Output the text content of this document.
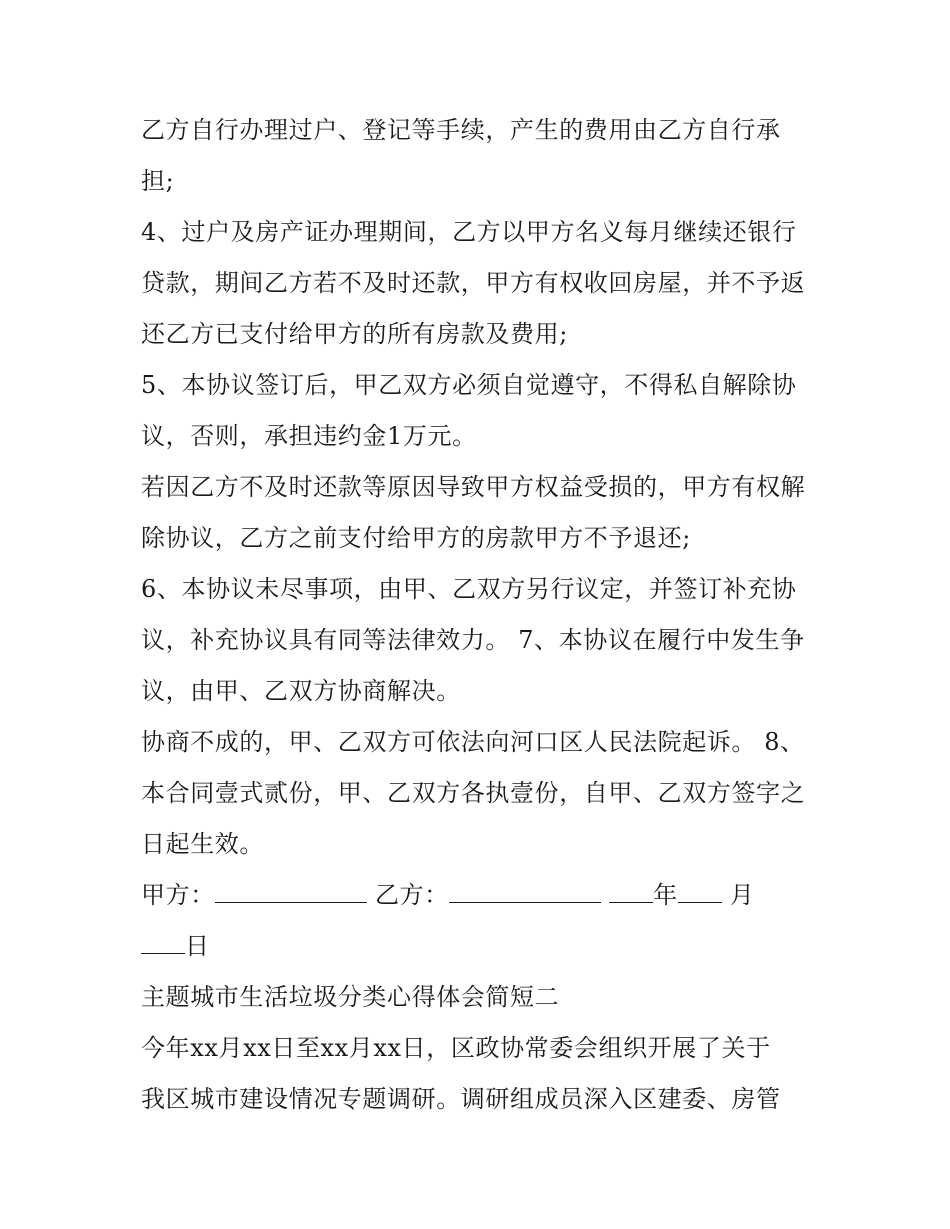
乙方自行办理过户、登记等手续，产生的费用由乙方自行承
担;
4、过户及房产证办理期间，乙方以甲方名义每月继续还银行
贷款，期间乙方若不及时还款，甲方有权收回房屋，并不予返
还乙方已支付给甲方的所有房款及费用;
5、本协议签订后，甲乙双方必须自觉遵守，不得私自解除协
议，否则，承担违约金1万元。
若因乙方不及时还款等原因导致甲方权益受损的，甲方有权解
除协议，乙方之前支付给甲方的房款甲方不予退还;
6、本协议未尽事项，由甲、乙双方另行议定，并签订补充协
议，补充协议具有同等法律效力。 7、本协议在履行中发生争
议，由甲、乙双方协商解决。
协商不成的，甲、乙双方可依法向河口区人民法院起诉。 8、
本合同壹式贰份，甲、乙双方各执壹份，自甲、乙双方签字之
日起生效。
甲方：	乙方：	年 月
日
主题城市生活垃圾分类心得体会简短二
今年xx月xx日至xx月xx日，区政协常委会组织开展了关于
我区城市建设情况专题调研。调研组成员深入区建委、房管
